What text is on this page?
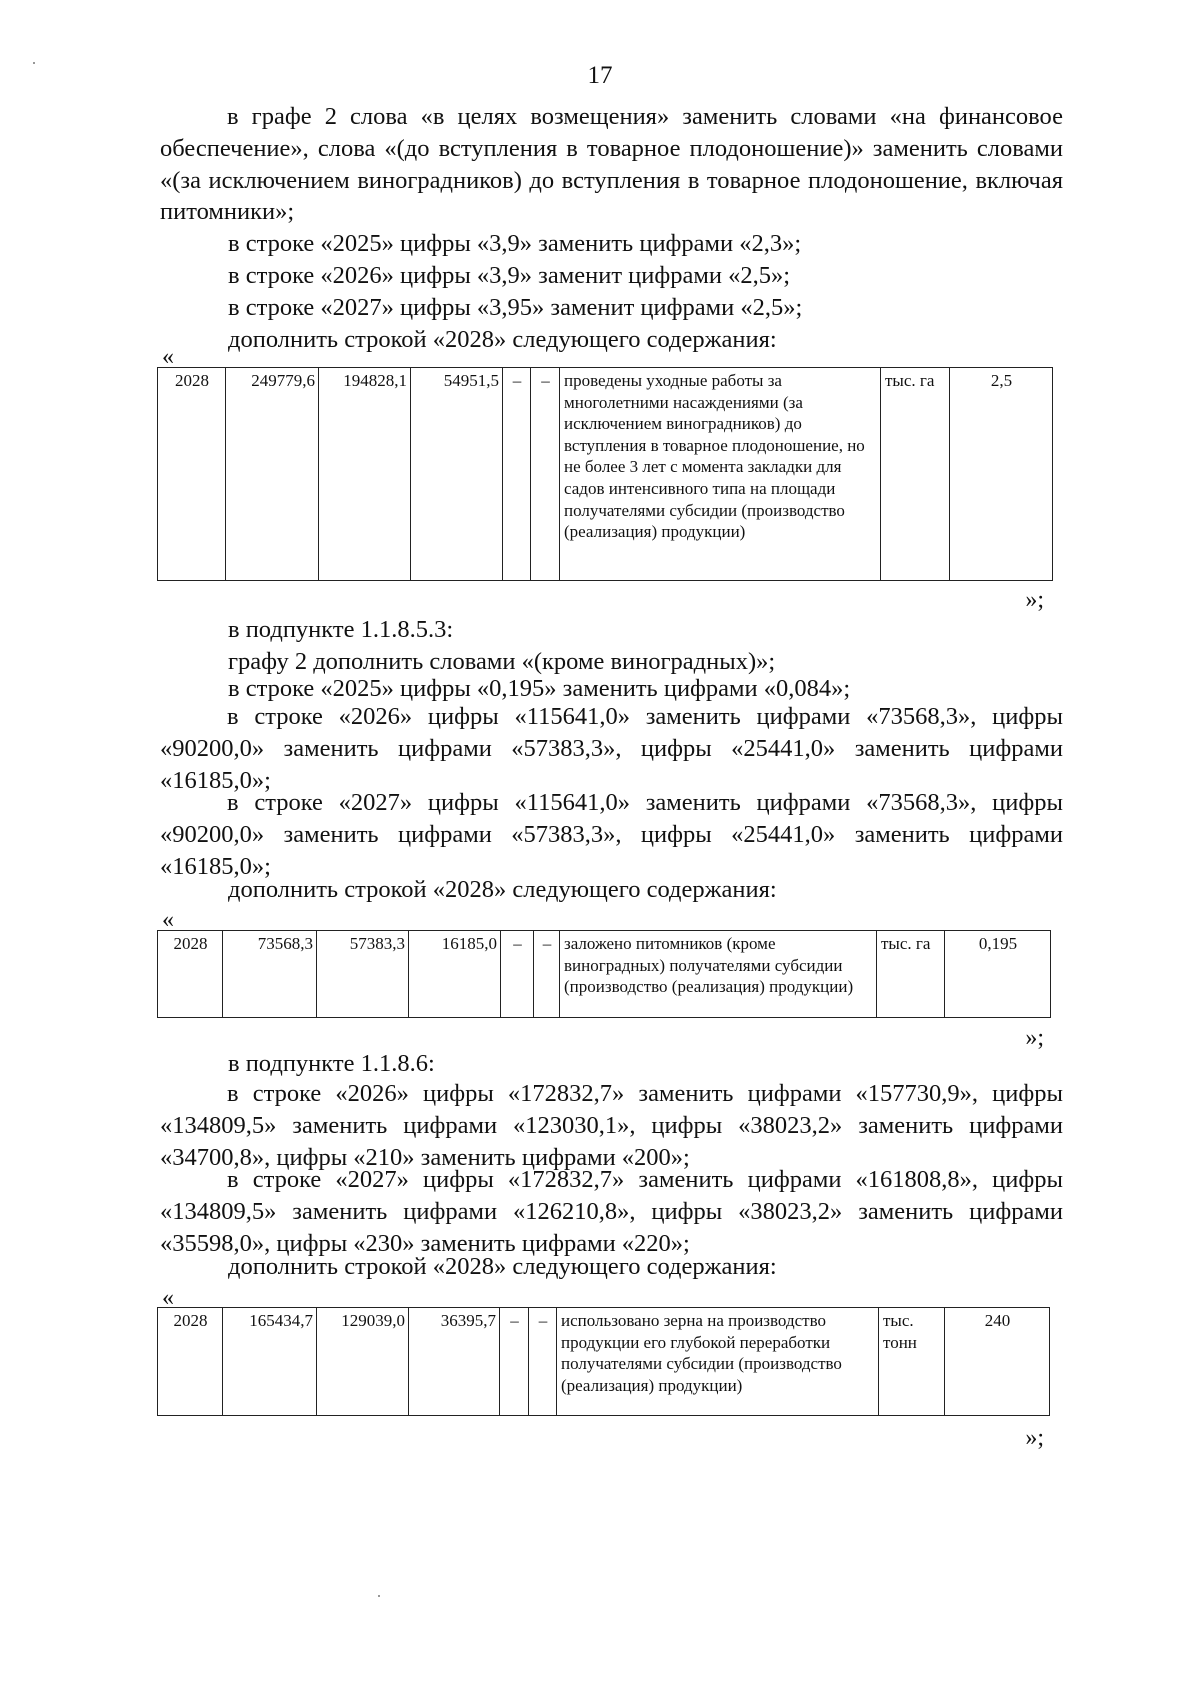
17

в графе 2 слова «в целях возмещения» заменить словами «на финансовое обеспечение», слова «(до вступления в товарное плодоношение)» заменить словами «(за исключением виноградников) до вступления в товарное плодоношение, включая питомники»;

в строке «2025» цифры «3,9» заменить цифрами «2,3»;

в строке «2026» цифры «3,9» заменит цифрами «2,5»;

в строке «2027» цифры «3,95» заменит цифрами «2,5»;

дополнить строкой «2028» следующего содержания:

«
2028	249779,6	194828,1	54951,5	–	–	проведены уходные работы за многолетними насаждениями (за исключением виноградников) до вступления в товарное плодоношение, но не более 3 лет с момента закладки для садов интенсивного типа на площади получателями субсидии (производство (реализация) продукции)	тыс. га	2,5
»;

в подпункте 1.1.8.5.3:

графу 2 дополнить словами «(кроме виноградных)»;

в строке «2025» цифры «0,195» заменить цифрами «0,084»;

в строке «2026» цифры «115641,0» заменить цифрами «73568,3», цифры «90200,0» заменить цифрами «57383,3», цифры «25441,0» заменить цифрами «16185,0»;

в строке «2027» цифры «115641,0» заменить цифрами «73568,3», цифры «90200,0» заменить цифрами «57383,3», цифры «25441,0» заменить цифрами «16185,0»;

дополнить строкой «2028» следующего содержания:

«
2028	73568,3	57383,3	16185,0	–	–	заложено питомников (кроме виноградных) получателями субсидии (производство (реализация) продукции)	тыс. га	0,195
»;

в подпункте 1.1.8.6:

в строке «2026» цифры «172832,7» заменить цифрами «157730,9», цифры «134809,5» заменить цифрами «123030,1», цифры «38023,2» заменить цифрами «34700,8», цифры «210» заменить цифрами «200»;

в строке «2027» цифры «172832,7» заменить цифрами «161808,8», цифры «134809,5» заменить цифрами «126210,8», цифры «38023,2» заменить цифрами «35598,0», цифры «230» заменить цифрами «220»;

дополнить строкой «2028» следующего содержания:

«
2028	165434,7	129039,0	36395,7	–	–	использовано зерна на производство продукции его глубокой переработки получателями субсидии (производство (реализация) продукции)	тыс. тонн	240
»;
